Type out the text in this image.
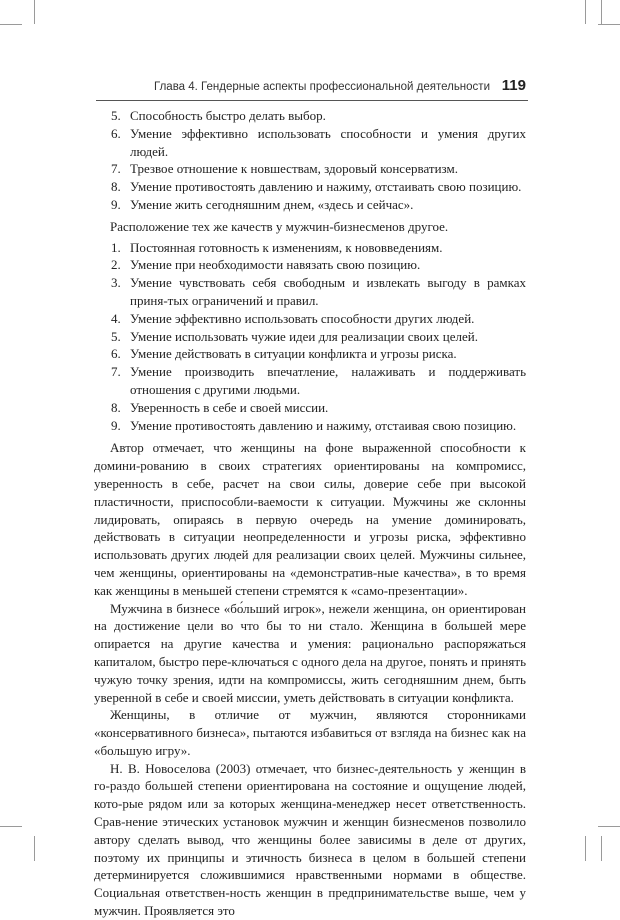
Глава 4. Гендерные аспекты профессиональной деятельности 119
5. Способность быстро делать выбор.
6. Умение эффективно использовать способности и умения других людей.
7. Трезвое отношение к новшествам, здоровый консерватизм.
8. Умение противостоять давлению и нажиму, отстаивать свою позицию.
9. Умение жить сегодняшним днем, «здесь и сейчас».

Расположение тех же качеств у мужчин-бизнесменов другое.

1. Постоянная готовность к изменениям, к нововведениям.
2. Умение при необходимости навязать свою позицию.
3. Умение чувствовать себя свободным и извлекать выгоду в рамках приня-тых ограничений и правил.
4. Умение эффективно использовать способности других людей.
5. Умение использовать чужие идеи для реализации своих целей.
6. Умение действовать в ситуации конфликта и угрозы риска.
7. Умение производить впечатление, налаживать и поддерживать отношения с другими людьми.
8. Уверенность в себе и своей миссии.
9. Умение противостоять давлению и нажиму, отстаивая свою позицию.

Автор отмечает, что женщины на фоне выраженной способности к домини-рованию в своих стратегиях ориентированы на компромисс, уверенность в себе, расчет на свои силы, доверие себе при высокой пластичности, приспособли-ваемости к ситуации. Мужчины же склонны лидировать, опираясь в первую очередь на умение доминировать, действовать в ситуации неопределенности и угрозы риска, эффективно использовать других людей для реализации своих целей. Мужчины сильнее, чем женщины, ориентированы на «демонстратив-ные качества», в то время как женщины в меньшей степени стремятся к «само-презентации».

Мужчина в бизнесе «бо́льший игрок», нежели женщина, он ориентирован на достижение цели во что бы то ни стало. Женщина в большей мере опирается на другие качества и умения: рационально распоряжаться капиталом, быстро пере-ключаться с одного дела на другое, понять и принять чужую точку зрения, идти на компромиссы, жить сегодняшним днем, быть уверенной в себе и своей миссии, уметь действовать в ситуации конфликта.

Женщины, в отличие от мужчин, являются сторонниками «консервативного бизнеса», пытаются избавиться от взгляда на бизнес как на «большую игру».

Н. В. Новоселова (2003) отмечает, что бизнес-деятельность у женщин в го-раздо большей степени ориентирована на состояние и ощущение людей, кото-рые рядом или за которых женщина-менеджер несет ответственность. Срав-нение этических установок мужчин и женщин бизнесменов позволило автору сделать вывод, что женщины более зависимы в деле от других, поэтому их принципы и этичность бизнеса в целом в большей степени детерминируется сложившимися нравственными нормами в обществе. Социальная ответствен-ность женщин в предпринимательстве выше, чем у мужчин. Проявляется это
